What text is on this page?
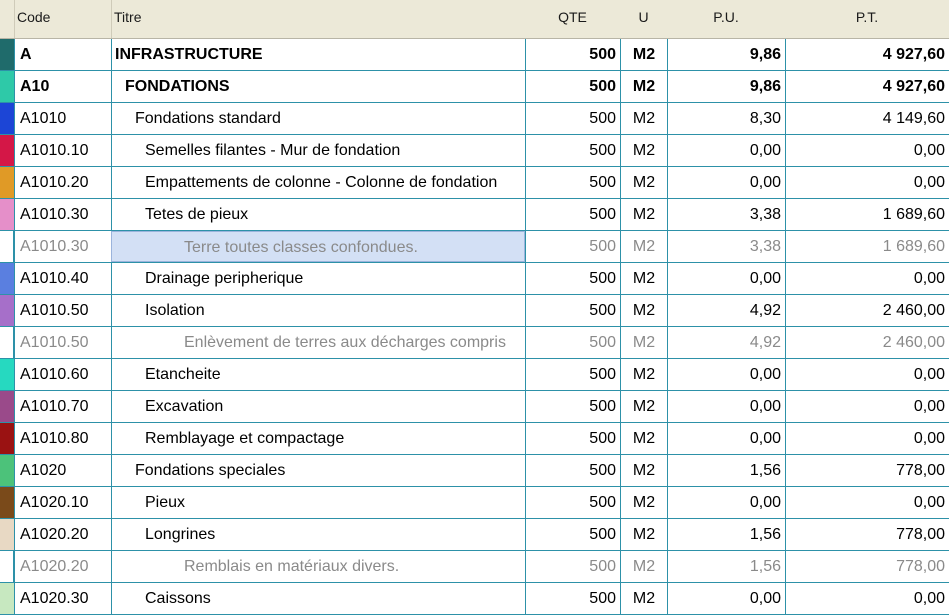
Code	Titre	QTE	U	P.U.	P.T.
A	INFRASTRUCTURE	500	M2	9,86	4 927,60
A10	FONDATIONS	500	M2	9,86	4 927,60
A1010	Fondations standard	500	M2	8,30	4 149,60
A1010.10	Semelles filantes - Mur de fondation	500	M2	0,00	0,00
A1010.20	Empattements de colonne - Colonne de fondation	500	M2	0,00	0,00
A1010.30	Tetes de pieux	500	M2	3,38	1 689,60
A1010.30	Terre toutes classes confondues.	500	M2	3,38	1 689,60
A1010.40	Drainage peripherique	500	M2	0,00	0,00
A1010.50	Isolation	500	M2	4,92	2 460,00
A1010.50	Enlèvement de terres aux décharges compris	500	M2	4,92	2 460,00
A1010.60	Etancheite	500	M2	0,00	0,00
A1010.70	Excavation	500	M2	0,00	0,00
A1010.80	Remblayage et compactage	500	M2	0,00	0,00
A1020	Fondations speciales	500	M2	1,56	778,00
A1020.10	Pieux	500	M2	0,00	0,00
A1020.20	Longrines	500	M2	1,56	778,00
A1020.20	Remblais en matériaux divers.	500	M2	1,56	778,00
A1020.30	Caissons	500	M2	0,00	0,00
